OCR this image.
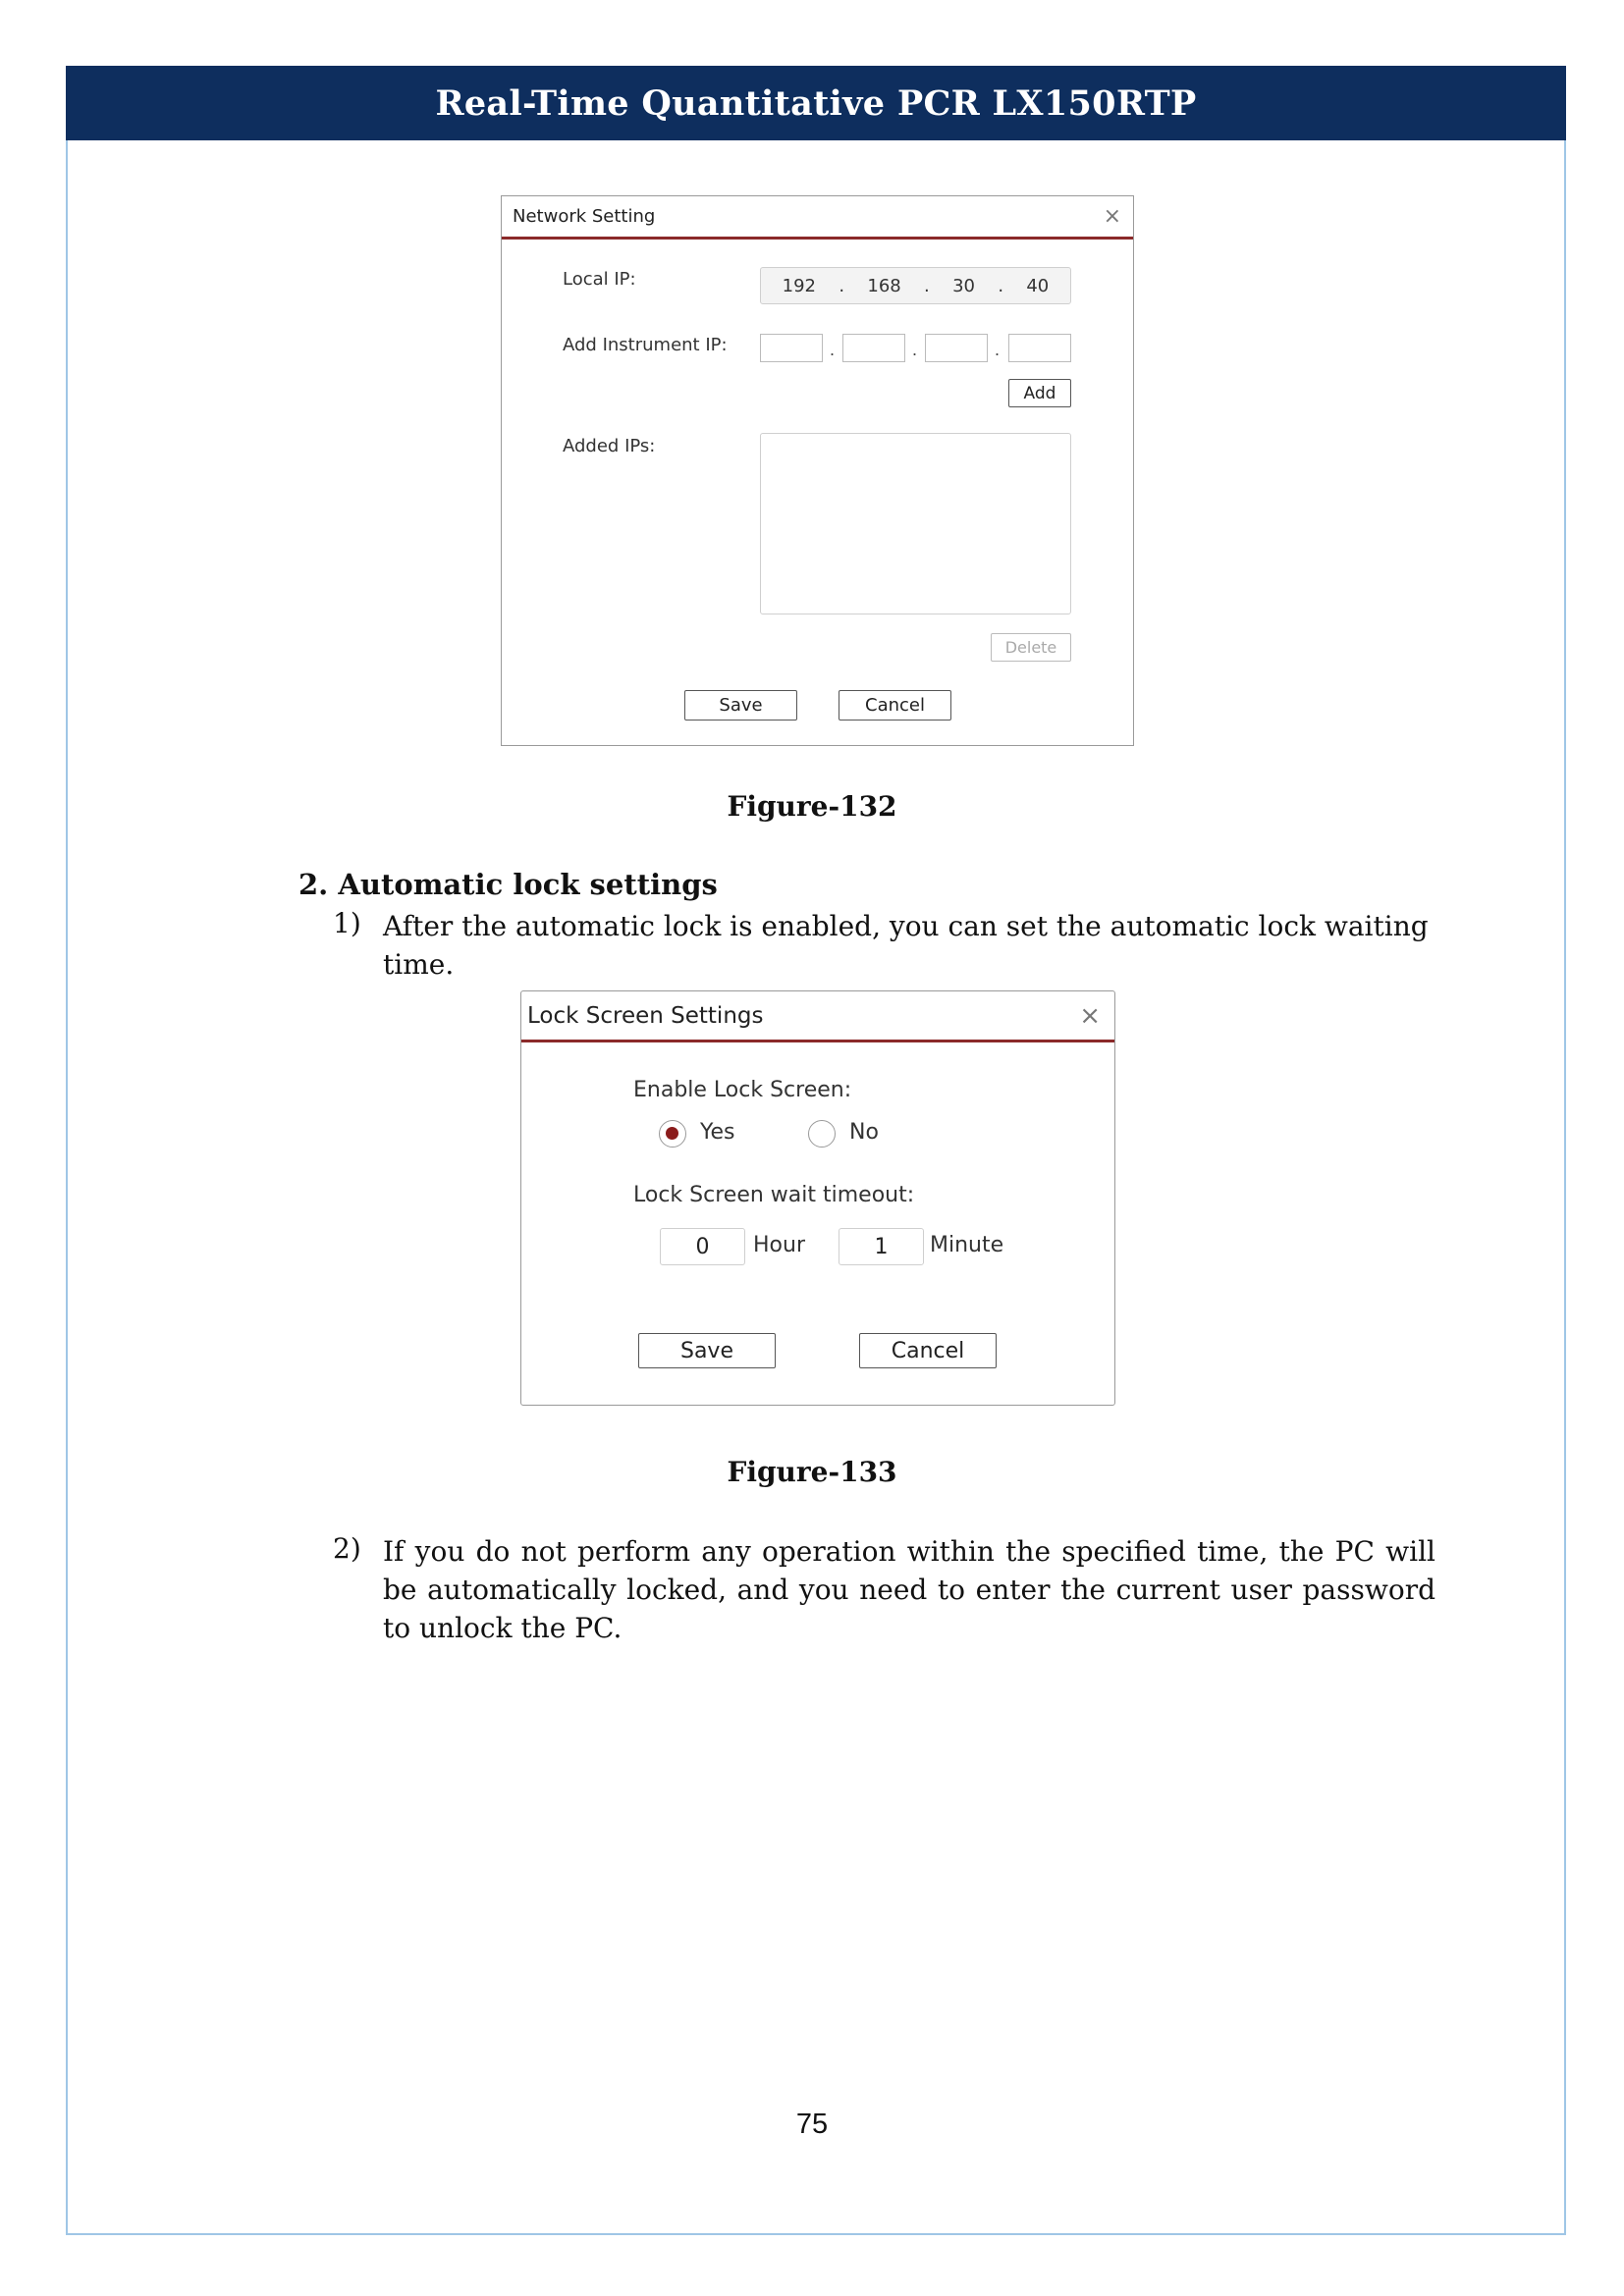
Real-Time Quantitative PCR LX150RTP
Network Setting	×
Local IP:	192 . 168 . 30 . 40
Add Instrument IP:	.	.	.
Add
Added IPs:
Delete
Save	Cancel
Figure-132
2. Automatic lock settings
1) After the automatic lock is enabled, you can set the automatic lock waiting time.
Lock Screen Settings	×
Enable Lock Screen:
Yes	No
Lock Screen wait timeout:
0	Hour	1	Minute
Save	Cancel
Figure-133
2) If you do not perform any operation within the specified time, the PC will be automatically locked, and you need to enter the current user password to unlock the PC.
75
